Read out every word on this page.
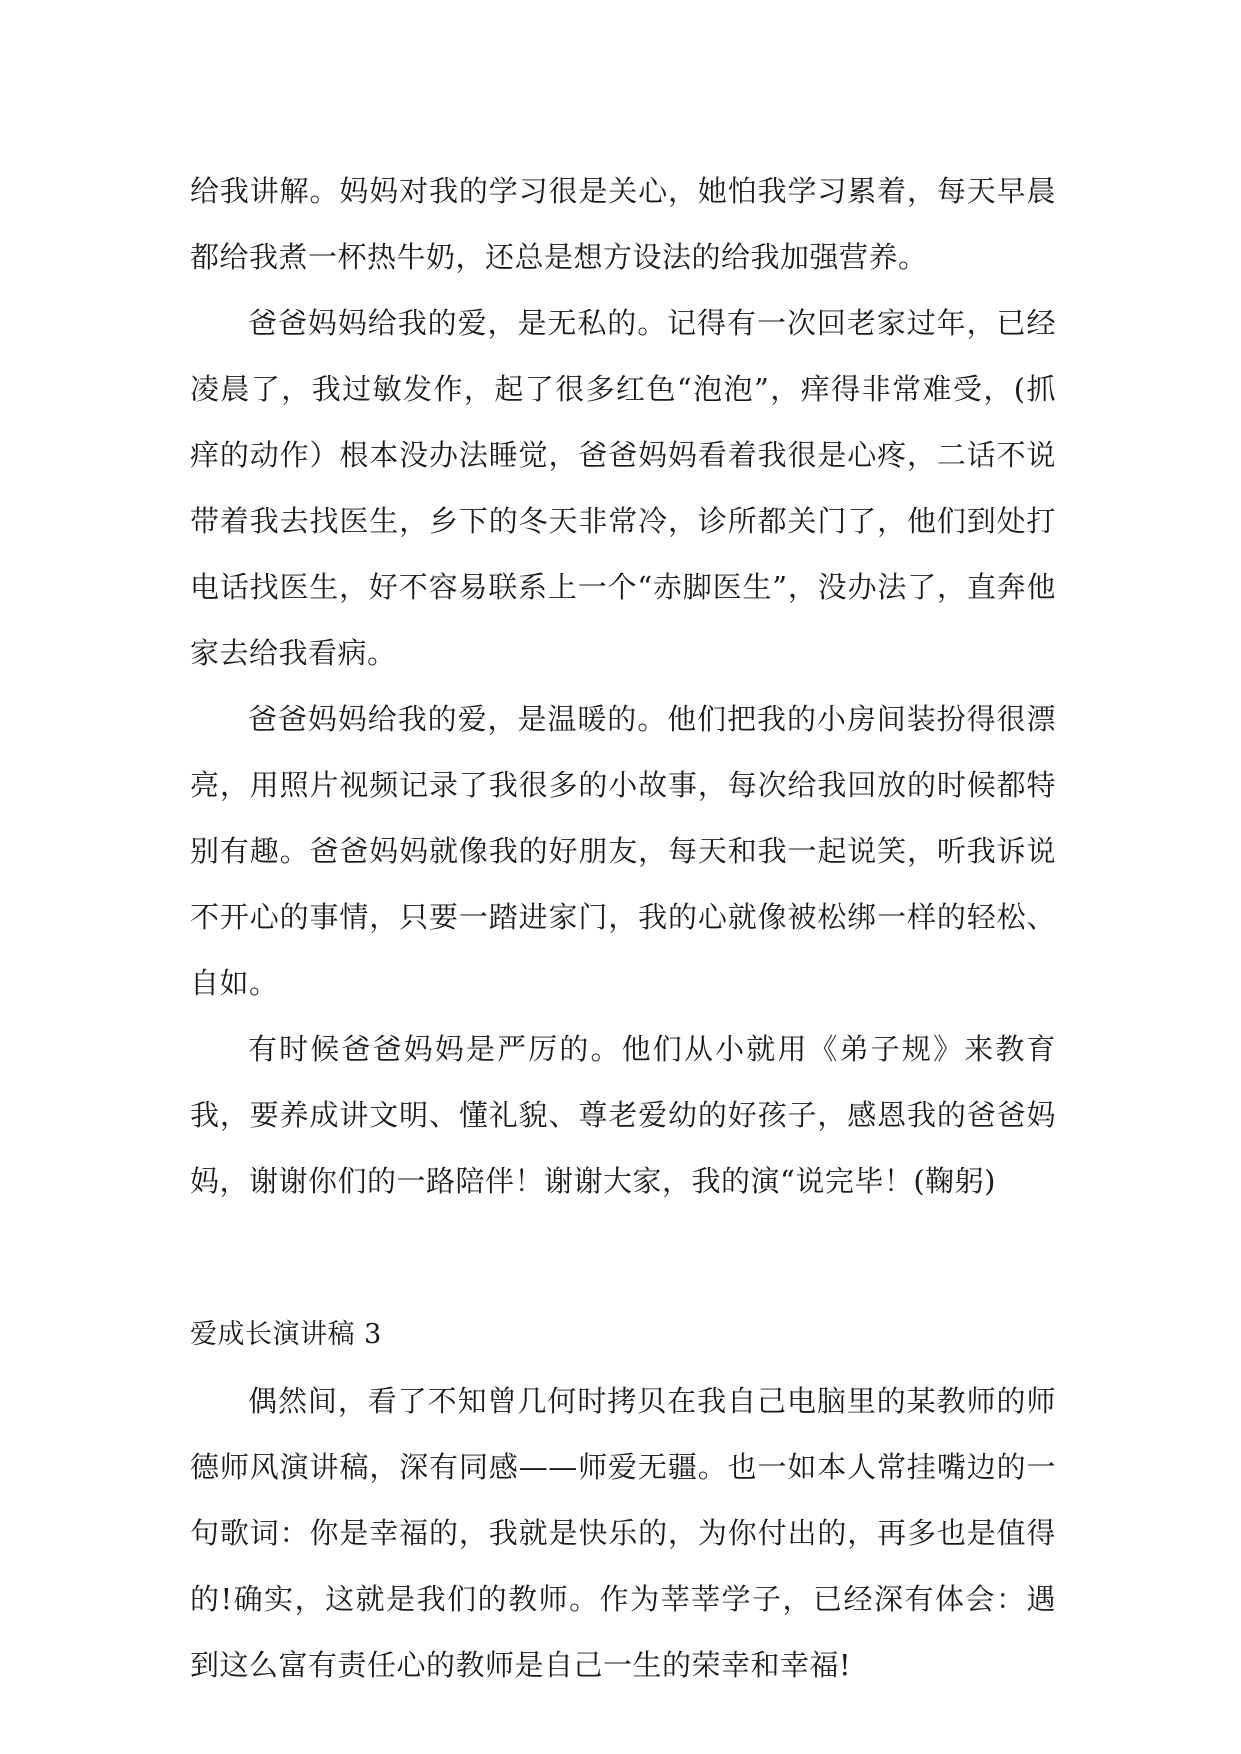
给我讲解。妈妈对我的学习很是关心，她怕我学习累着，每天早晨都给我煮一杯热牛奶，还总是想方设法的给我加强营养。

爸爸妈妈给我的爱，是无私的。记得有一次回老家过年，已经凌晨了，我过敏发作，起了很多红色“泡泡”，痒得非常难受，(抓痒的动作）根本没办法睡觉，爸爸妈妈看着我很是心疼，二话不说带着我去找医生，乡下的冬天非常冷，诊所都关门了，他们到处打电话找医生，好不容易联系上一个“赤脚医生”，没办法了，直奔他家去给我看病。

爸爸妈妈给我的爱，是温暖的。他们把我的小房间装扮得很漂亮，用照片视频记录了我很多的小故事，每次给我回放的时候都特别有趣。爸爸妈妈就像我的好朋友，每天和我一起说笑，听我诉说不开心的事情，只要一踏进家门，我的心就像被松绑一样的轻松、自如。

有时候爸爸妈妈是严厉的。他们从小就用《弟子规》来教育我，要养成讲文明、懂礼貌、尊老爱幼的好孩子，感恩我的爸爸妈妈，谢谢你们的一路陪伴！谢谢大家，我的演“说完毕！(鞠躬)

爱成长演讲稿 3

偶然间，看了不知曾几何时拷贝在我自己电脑里的某教师的师德师风演讲稿，深有同感——师爱无疆。也一如本人常挂嘴边的一句歌词：你是幸福的，我就是快乐的，为你付出的，再多也是值得的!确实，这就是我们的教师。作为莘莘学子，已经深有体会：遇到这么富有责任心的教师是自己一生的荣幸和幸福!
